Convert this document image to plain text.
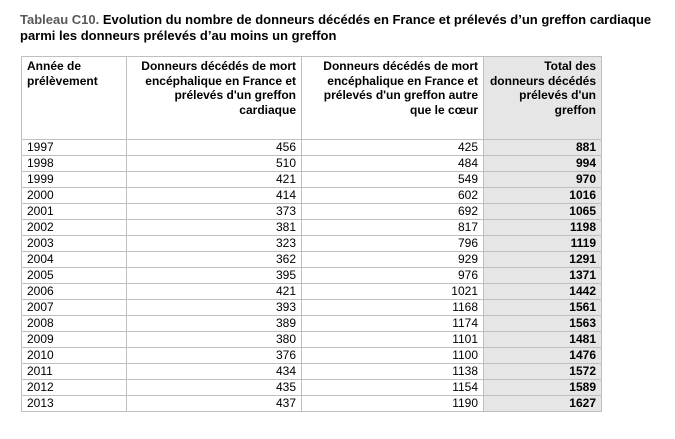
Tableau C10. Evolution du nombre de donneurs décédés en France et prélevés d’un greffon cardiaque parmi les donneurs prélevés d’au moins un greffon
Année de prélèvement	Donneurs décédés de mort encéphalique en France et prélevés d'un greffon cardiaque	Donneurs décédés de mort encéphalique en France et prélevés d'un greffon autre que le cœur	Total des donneurs décédés prélevés d'un greffon
1997	456	425	881
1998	510	484	994
1999	421	549	970
2000	414	602	1016
2001	373	692	1065
2002	381	817	1198
2003	323	796	1119
2004	362	929	1291
2005	395	976	1371
2006	421	1021	1442
2007	393	1168	1561
2008	389	1174	1563
2009	380	1101	1481
2010	376	1100	1476
2011	434	1138	1572
2012	435	1154	1589
2013	437	1190	1627
